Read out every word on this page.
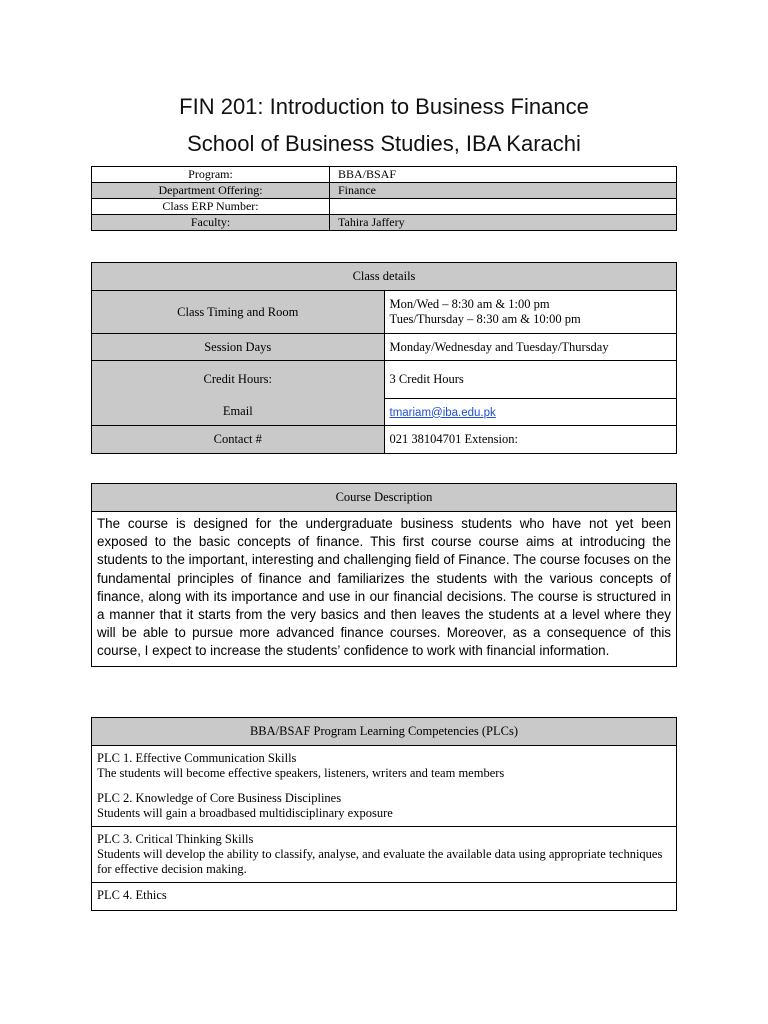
FIN 201: Introduction to Business Finance
School of Business Studies, IBA Karachi
Program:	BBA/BSAF
Department Offering:	Finance
Class ERP Number:	
Faculty:	Tahira Jaffery
Class details	
Class Timing and Room	Mon/Wed – 8:30 am & 1:00 pm
Tues/Thursday – 8:30 am & 10:00 pm

Session Days	Monday/Wednesday and Tuesday/Thursday
Credit Hours:	3 Credit Hours
Email	tmariam@iba.edu.pk
Contact #	021 38104701 Extension:
Course Description
The course is designed for the undergraduate business students who have not yet been exposed to the basic concepts of finance. This first course course aims at introducing the students to the important, interesting and challenging field of Finance. The course focuses on the fundamental principles of finance and familiarizes the students with the various concepts of finance, along with its importance and use in our financial decisions. The course is structured in a manner that it starts from the very basics and then leaves the students at a level where they will be able to pursue more advanced finance courses. Moreover, as a consequence of this course, I expect to increase the students’ confidence to work with financial information.
BBA/BSAF Program Learning Competencies (PLCs)

PLC 1. Effective Communication Skills
The students will become effective speakers, listeners, writers and team members

PLC 2. Knowledge of Core Business Disciplines
Students will gain a broadbased multidisciplinary exposure

PLC 3. Critical Thinking Skills
Students will develop the ability to classify, analyse, and evaluate the available data using appropriate techniques for effective decision making.

PLC 4. Ethics
